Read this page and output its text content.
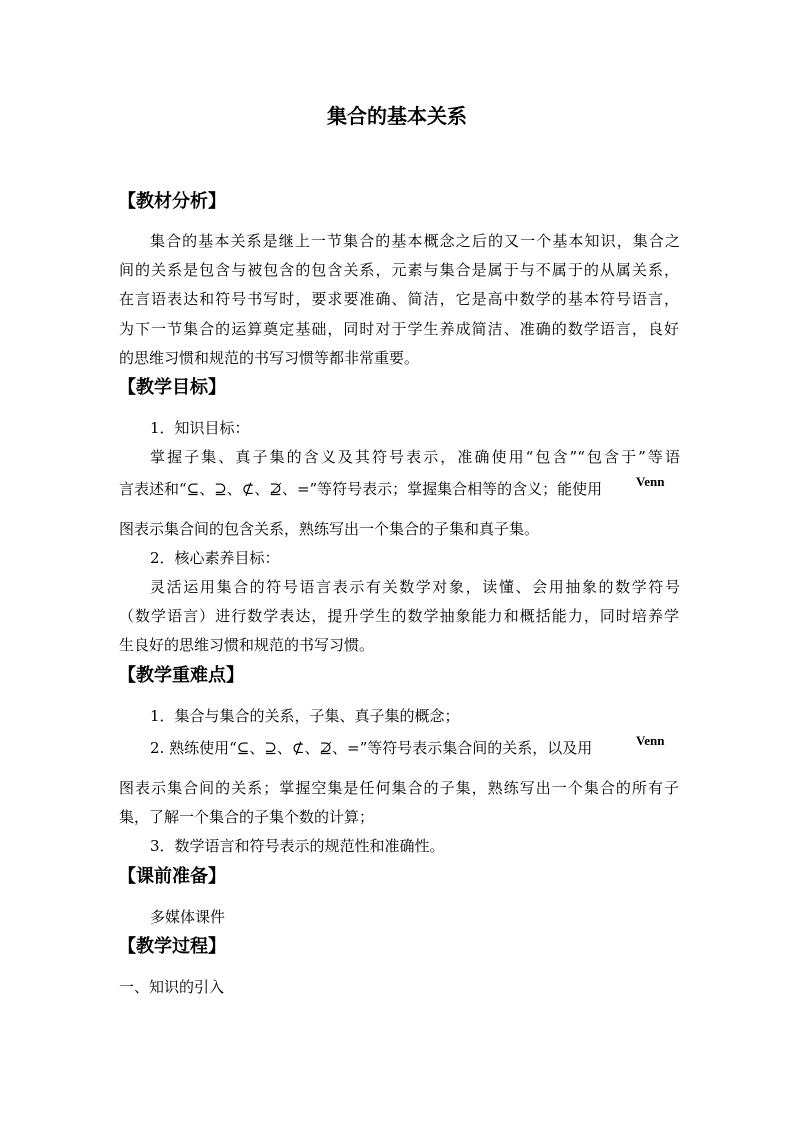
集合的基本关系
【教材分析】
集合的基本关系是继上一节集合的基本概念之后的又一个基本知识，集合之
间的关系是包含与被包含的包含关系，元素与集合是属于与不属于的从属关系，
在言语表达和符号书写时，要求要准确、简洁，它是高中数学的基本符号语言，
为下一节集合的运算奠定基础，同时对于学生养成简洁、准确的数学语言，良好
的思维习惯和规范的书写习惯等都非常重要。
【教学目标】
1．知识目标：
掌握子集、真子集的含义及其符号表示，准确使用“包含”“包含于”等语
言表述和“⊆、⊇、⊄、⊉、=”等符号表示；掌握集合相等的含义；能使用	Venn
图表示集合间的包含关系，熟练写出一个集合的子集和真子集。
2．核心素养目标：
灵活运用集合的符号语言表示有关数学对象，读懂、会用抽象的数学符号
（数学语言）进行数学表达，提升学生的数学抽象能力和概括能力，同时培养学
生良好的思维习惯和规范的书写习惯。
【教学重难点】
1．集合与集合的关系，子集、真子集的概念；
2. 熟练使用“⊆、⊇、⊄、⊉、=”等符号表示集合间的关系，以及用	Venn
图表示集合间的关系；掌握空集是任何集合的子集，熟练写出一个集合的所有子
集，了解一个集合的子集个数的计算；
3．数学语言和符号表示的规范性和准确性。
【课前准备】
多媒体课件
【教学过程】
一、知识的引入
